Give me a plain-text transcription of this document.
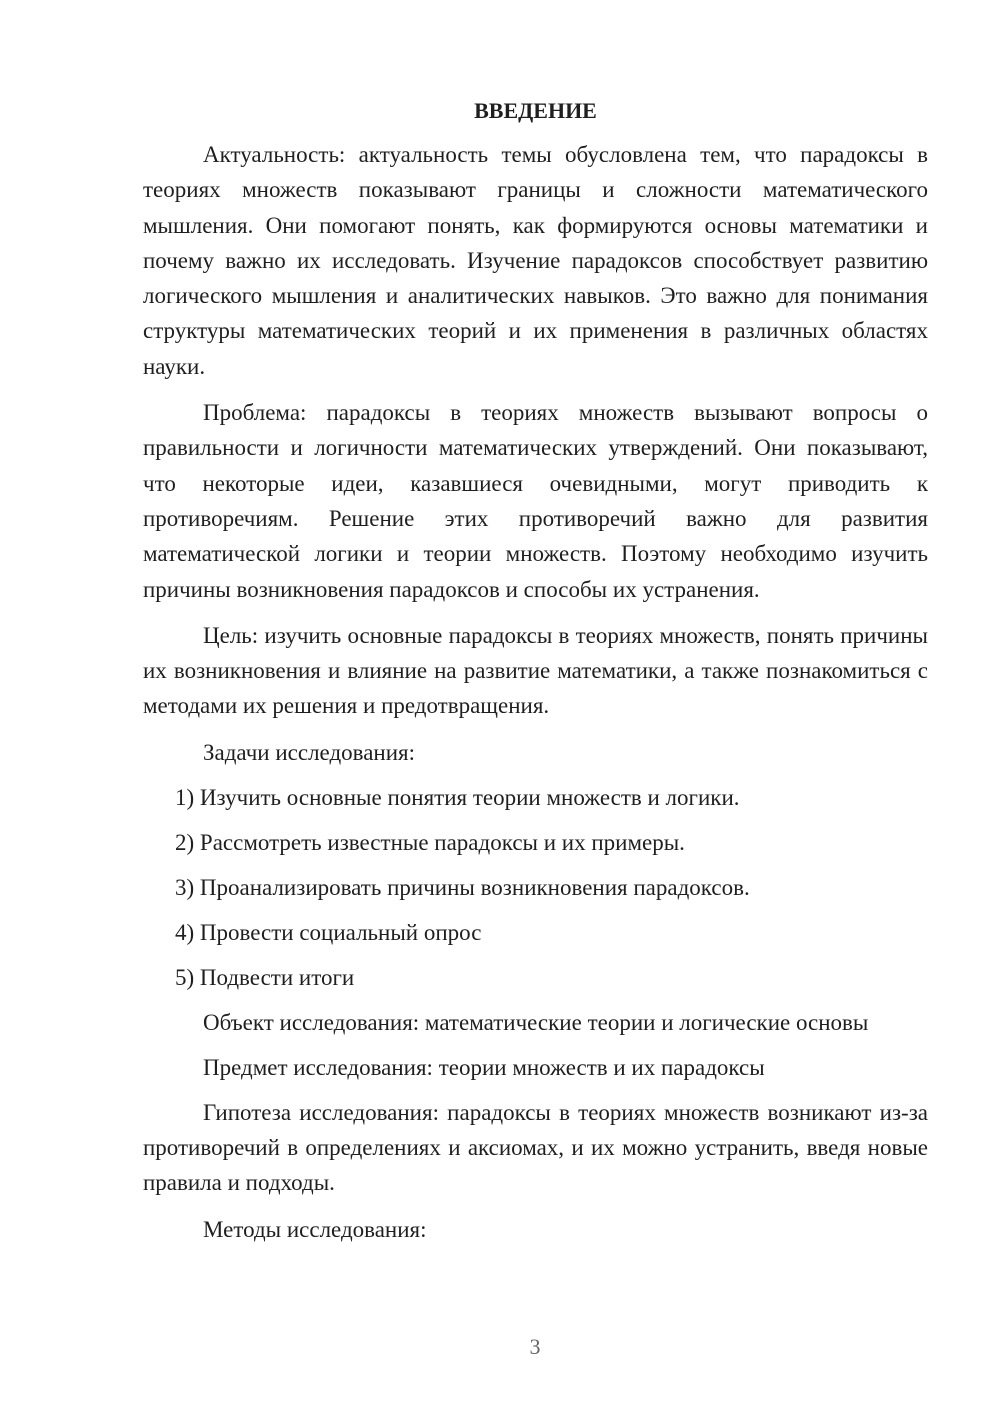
ВВЕДЕНИЕ

Актуальность: актуальность темы обусловлена тем, что парадоксы в теориях множеств показывают границы и сложности математического мышления. Они помогают понять, как формируются основы математики и почему важно их исследовать. Изучение парадоксов способствует развитию логического мышления и аналитических навыков. Это важно для понимания структуры математических теорий и их применения в различных областях науки.

Проблема: парадоксы в теориях множеств вызывают вопросы о правильности и логичности математических утверждений. Они показывают, что некоторые идеи, казавшиеся очевидными, могут приводить к противоречиям. Решение этих противоречий важно для развития математической логики и теории множеств. Поэтому необходимо изучить причины возникновения парадоксов и способы их устранения.

Цель: изучить основные парадоксы в теориях множеств, понять причины их возникновения и влияние на развитие математики, а также познакомиться с методами их решения и предотвращения.

Задачи исследования:

1) Изучить основные понятия теории множеств и логики.
2) Рассмотреть известные парадоксы и их примеры.
3) Проанализировать причины возникновения парадоксов.
4) Провести социальный опрос
5) Подвести итоги

Объект исследования: математические теории и логические основы

Предмет исследования: теории множеств и их парадоксы

Гипотеза исследования: парадоксы в теориях множеств возникают из-за противоречий в определениях и аксиомах, и их можно устранить, введя новые правила и подходы.

Методы исследования:

3
